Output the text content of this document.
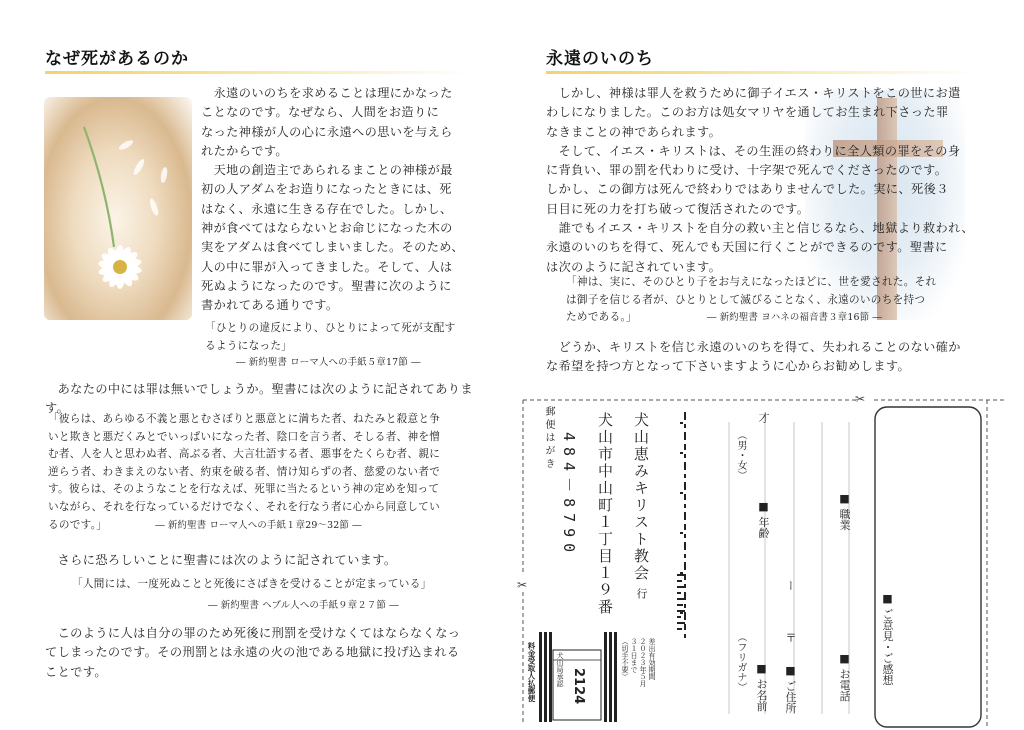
なぜ死があるのか

　永遠のいのちを求めることは理にかなった

ことなのです。なぜなら、人間をお造りに

なった神様が人の心に永遠への思いを与えら

れたからです。

　天地の創造主であられるまことの神様が最

初の人アダムをお造りになったときには、死

はなく、永遠に生きる存在でした。しかし、

神が食べてはならないとお命じになった木の

実をアダムは食べてしまいました。そのため、

人の中に罪が入ってきました。そして、人は

死ぬようになったのです。聖書に次のように

書かれてある通りです。

「ひとりの違反により、ひとりによって死が支配す

るようになった」

― 新約聖書 ローマ人への手紙５章17節 ―

　あなたの中には罪は無いでしょうか。聖書には次のように記されてあります。

「彼らは、あらゆる不義と悪とむさぼりと悪意とに満ちた者、ねたみと殺意と争

いと欺きと悪だくみとでいっぱいになった者、陰口を言う者、そしる者、神を憎

む者、人を人と思わぬ者、高ぶる者、大言壮語する者、悪事をたくらむ者、親に

逆らう者、わきまえのない者、約束を破る者、情け知らずの者、慈愛のない者で

す。彼らは、そのようなことを行なえば、死罪に当たるという神の定めを知って

いながら、それを行なっているだけでなく、それを行なう者に心から同意してい

るのです。」	― 新約聖書 ローマ人への手紙１章29～32節 ―

　さらに恐ろしいことに聖書には次のように記されています。

「人間には、一度死ぬことと死後にさばきを受けることが定まっている」

― 新約聖書 ヘブル人への手紙９章２７節 ―

　このように人は自分の罪のため死後に刑罰を受けなくてはならなくなっ

てしまったのです。その刑罰とは永遠の火の池である地獄に投げ込まれる

ことです。

永遠のいのち

　しかし、神様は罪人を救うために御子イエス・キリストをこの世にお遣

わしになりました。このお方は処女マリヤを通してお生まれ下さった罪

なきまことの神であられます。

　そして、イエス・キリストは、その生涯の終わりに全人類の罪をその身

に背負い、罪の罰を代わりに受け、十字架で死んでくださったのです。

しかし、この御方は死んで終わりではありませんでした。実に、死後３

日目に死の力を打ち破って復活されたのです。

　誰でもイエス・キリストを自分の救い主と信じるなら、地獄より救われ、

永遠のいのちを得て、死んでも天国に行くことができるのです。聖書に

は次のように記されています。

「神は、実に、そのひとり子をお与えになったほどに、世を愛された。それ

は御子を信じる者が、ひとりとして滅びることなく、永遠のいのちを持つ

ためである。」	― 新約聖書 ヨハネの福音書３章16節 ―

　どうか、キリストを信じ永遠のいのちを得て、失われることのない確か

な希望を持つ方となって下さいますように心からお勧めします。

✂
✂
郵便はがき 484－8790 犬山市中山町１丁目１９番 犬山恵みキリスト教会行
料金受取人払郵便	犬山局承認 2124
差出有効期間
２０２３年５月
３１日まで
（切手不要）	（フリガナ）
（男・女）
■ お名前
■ 年齢
才
■ ご住所
〒
ー
■ 職業
■ お電話	■ ご意見・ご感想
